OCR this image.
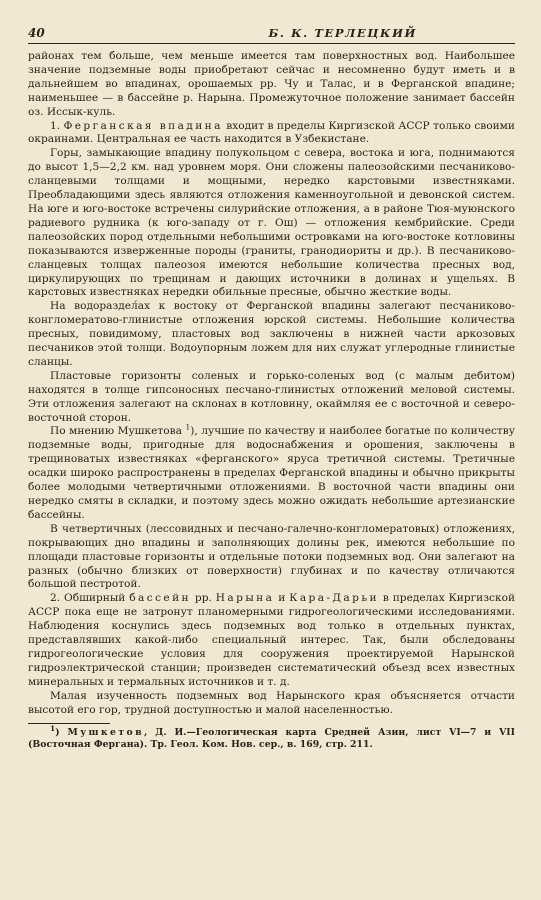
40	Б. К. ТЕРЛЕЦКИЙ

районах тем больше, чем меньше имеется там поверхностных вод. Наибольшее значение подземные воды приобретают сейчас и несомненно будут иметь и в дальнейшем во впадинах, орошаемых рр. Чу и Талас, и в Ферганской впадине; наименьшее — в бассейне р. Нарына. Промежуточное положение занимает бассейн оз. Иссык-куль.

1. Ферганская впадина входит в пределы Киргизской АССР только своими окраинами. Центральная ее часть находится в Узбекистане.

Горы, замыкающие впадину полукольцом с севера, востока и юга, поднимаются до высот 1,5—2,2 км. над уровнем моря. Они сложены палеозойскими песчаниково-сланцевыми толщами и мощными, нередко карстовыми известняками. Преобладающими здесь являются отложения каменноугольной и девонской систем. На юге и юго-востоке встречены силурийские отложения, а в районе Тюя-муюнского радиевого рудника (к юго-западу от г. Ош) — отложения кембрийские. Среди палеозойских пород отдельными небольшими островками на юго-востоке котловины показываются изверженные породы (граниты, гранодиориты и др.). В песчаниково-сланцевых толщах палеозоя имеются небольшие количества пресных вод, циркулирующих по трещинам и дающих источники в долинах и ущельях. В карстовых известняках нередки обильные пресные, обычно жесткие воды.

На водораздел́ах к востоку от Ферганской впадины залегают песчаниково-конгломератово-глинистые отложения юрской системы. Небольшие количества пресных, повидимому, пластовых вод заключены в нижней части аркозовых песчаников этой толщи. Водоупорным ложем для них служат углеродные глинистые сланцы.

Пластовые горизонты соленых и горько-соленых вод (с малым дебитом) находятся в толще гипсоносных песчано-глинистых отложений меловой системы. Эти отложения залегают на склонах в котловину, окаймляя ее с восточной и северо-восточной сторон.

По мнению Мушкетова $^1$), лучшие по качеству и наиболее богатые по количеству подземные воды, пригодные для водоснабжения и орошения, заключены в трещиноватых известняках «ферганского» яруса третичной системы. Третичные осадки широко распространены в пределах Ферганской впадины и обычно прикрыты более молодыми четвертичными отложениями. В восточной части впадины они нередко смяты в складки, и поэтому здесь можно ожидать небольшие артезианские бассейны.

В четвертичных (лессовидных и песчано-галечно-конгломератовых) отложениях, покрывающих дно впадины и заполняющих долины рек, имеются небольшие по площади пластовые горизонты и отдельные потоки подземных вод. Они залегают на разных (обычно близких от поверхности) глубинах и по качеству отличаются большой пестротой.

2. Обширный бассейн рр. Нарына и Кара-Дарьи в пределах Киргизской АССР пока еще не затронут планомерными гидрогеологическими исследованиями. Наблюдения коснулись здесь подземных вод только в отдельных пунктах, представлявших какой-либо специальный интерес. Так, были обследованы гидрогеологические условия для сооружения проектируемой Нарынской гидроэлектрической станции; произведен систематический объезд всех известных минеральных и термальных источников и т. д.

Малая изученность подземных вод Нарынского края объясняется отчасти высотой его гор, трудной доступностью и малой населенностью.

$^1$) Мушкетов, Д. И.—Геологическая карта Средней Азии, лист VI—7 и VII (Восточная Фергана). Тр. Геол. Ком. Нов. сер., в. 169, стр. 211.
